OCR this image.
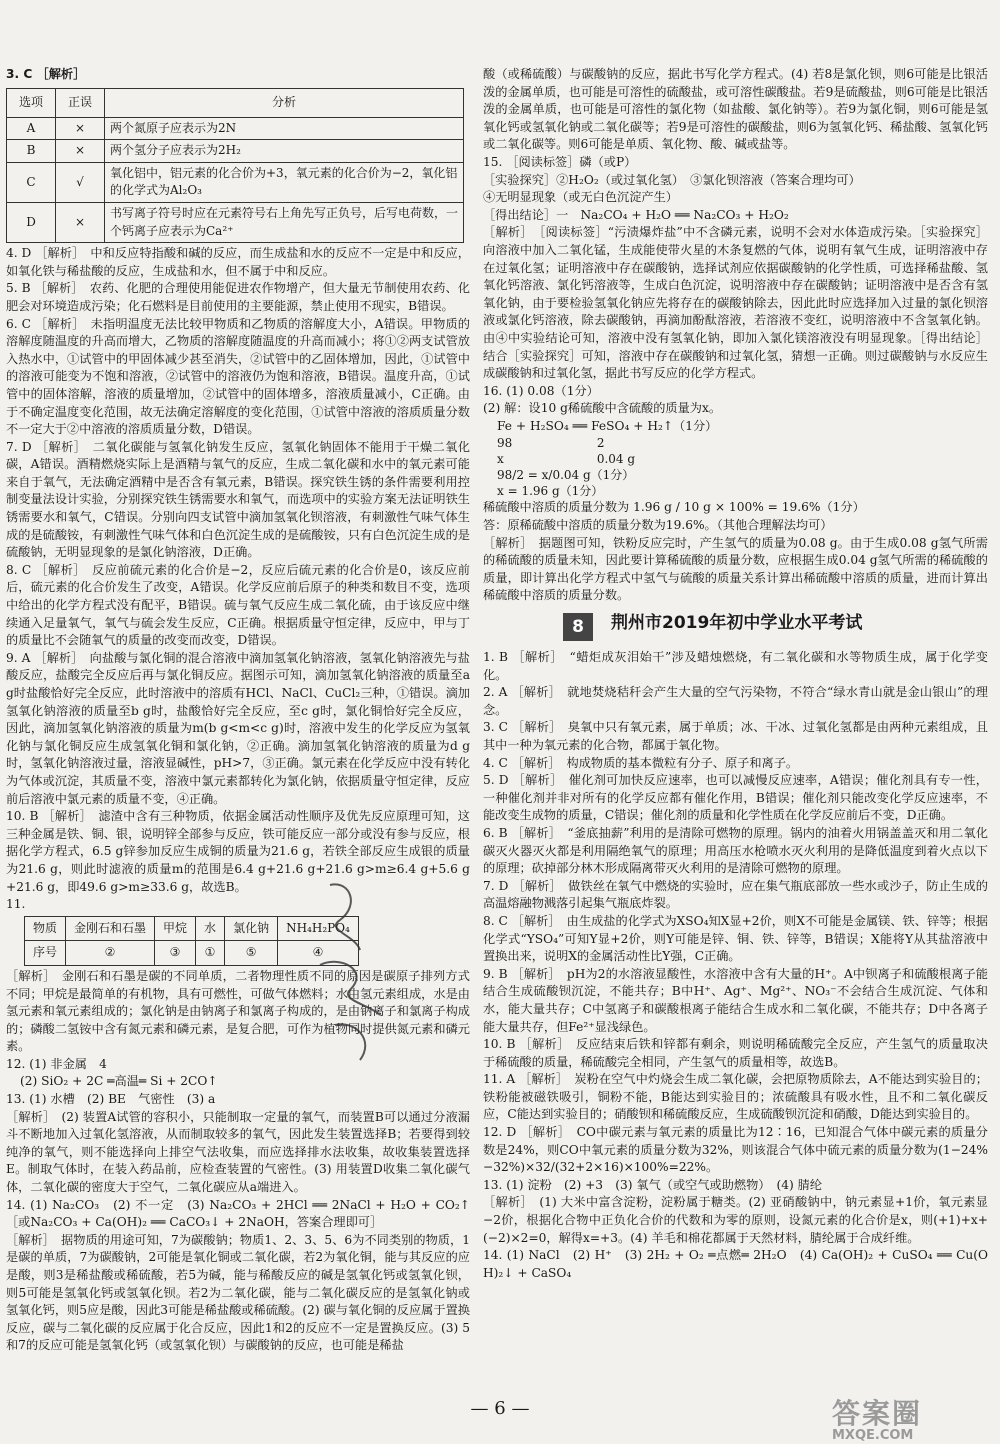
3. C ［解析］

选项	正误	分析
A	×	两个氮原子应表示为2N
B	×	两个氢分子应表示为2H₂
C	√	氧化铝中，铝元素的化合价为+3，氧元素的化合价为−2，氧化铝的化学式为Al₂O₃
D	×	书写离子符号时应在元素符号右上角先写正负号，后写电荷数，一个钙离子应表示为Ca²⁺

4. D ［解析］　中和反应特指酸和碱的反应，而生成盐和水的反应不一定是中和反应，如氧化铁与稀盐酸的反应，生成盐和水，但不属于中和反应。

5. B ［解析］　农药、化肥的合理使用能促进农作物增产，但大量无节制使用农药、化肥会对环境造成污染；化石燃料是目前使用的主要能源，禁止使用不现实，B错误。

6. C ［解析］　未指明温度无法比较甲物质和乙物质的溶解度大小，A错误。甲物质的溶解度随温度的升高而增大，乙物质的溶解度随温度的升高而减小；将①②两支试管放入热水中，①试管中的甲固体减少甚至消失，②试管中的乙固体增加，因此，①试管中的溶液可能变为不饱和溶液，②试管中的溶液仍为饱和溶液，B错误。温度升高，①试管中的固体溶解，溶液的质量增加，②试管中的固体增多，溶液质量减小，C正确。由于不确定温度变化范围，故无法确定溶解度的变化范围，①试管中溶液的溶质质量分数不一定大于②中溶液的溶质质量分数，D错误。

7. D ［解析］　二氧化碳能与氢氧化钠发生反应，氢氧化钠固体不能用于干燥二氧化碳，A错误。酒精燃烧实际上是酒精与氧气的反应，生成二氧化碳和水中的氧元素可能来自于氧气，无法确定酒精中是否含有氧元素，B错误。探究铁生锈的条件需要利用控制变量法设计实验，分别探究铁生锈需要水和氧气，而选项中的实验方案无法证明铁生锈需要水和氧气，C错误。分别向四支试管中滴加氢氧化钡溶液，有刺激性气味气体生成的是硫酸铵，有刺激性气味气体和白色沉淀生成的是硫酸铵，只有白色沉淀生成的是硫酸钠，无明显现象的是氯化钠溶液，D正确。

8. C ［解析］　反应前硫元素的化合价是−2，反应后硫元素的化合价是0，该反应前后，硫元素的化合价发生了改变，A错误。化学反应前后原子的种类和数目不变，选项中给出的化学方程式没有配平，B错误。硫与氧气反应生成二氧化硫，由于该反应中继续通入足量氧气，氧气与硫会发生反应，C正确。根据质量守恒定律，反应中，甲与丁的质量比不会随氧气的质量的改变而改变，D错误。

9. A ［解析］　向盐酸与氯化铜的混合溶液中滴加氢氧化钠溶液，氢氧化钠溶液先与盐酸反应，盐酸完全反应后再与氯化铜反应。据图示可知，滴加氢氧化钠溶液的质量至a g时盐酸恰好完全反应，此时溶液中的溶质有HCl、NaCl、CuCl₂三种，①错误。滴加氢氧化钠溶液的质量至b g时，盐酸恰好完全反应，至c g时，氯化铜恰好完全反应，因此，滴加氢氧化钠溶液的质量为m(b g<m<c g)时，溶液中发生的化学反应为氢氧化钠与氯化铜反应生成氢氧化铜和氯化钠，②正确。滴加氢氧化钠溶液的质量为d g时，氢氧化钠溶液过量，溶液显碱性，pH>7，③正确。氯元素在化学反应中没有转化为气体或沉淀，其质量不变，溶液中氯元素都转化为氯化钠，依据质量守恒定律，反应前后溶液中氯元素的质量不变，④正确。

10. B ［解析］　滤渣中含有三种物质，依据金属活动性顺序及优先反应原理可知，这三种金属是铁、铜、银，说明锌全部参与反应，铁可能反应一部分或没有参与反应，根据化学方程式，6.5 g锌参加反应生成铜的质量为21.6 g，若铁全部反应生成银的质量为21.6 g，则此时滤液的质量m的范围是6.4 g+21.6 g+21.6 g>m≥6.4 g+5.6 g+21.6 g，即49.6 g>m≥33.6 g，故选B。

11.

物质	金刚石和石墨	甲烷	水	氯化钠	NH₄H₂PO₄
序号	②	③	①	⑤	④

［解析］　金刚石和石墨是碳的不同单质，二者物理性质不同的原因是碳原子排列方式不同；甲烷是最简单的有机物，具有可燃性，可做气体燃料；水由氢元素组成，水是由氢元素和氧元素组成的；氯化钠是由钠离子和氯离子构成的，是由钠离子和氯离子构成的；磷酸二氢铵中含有氮元素和磷元素，是复合肥，可作为植物同时提供氮元素和磷元素。

12. (1) 非金属　4

(2) SiO₂ + 2C ═高温═ Si + 2CO↑

13. (1) 水槽　(2) BE　气密性　(3) a

［解析］　(2) 装置A试管的容积小，只能制取一定量的氧气，而装置B可以通过分液漏斗不断地加入过氧化氢溶液，从而制取较多的氧气，因此发生装置选择B；若要得到较纯净的氧气，则不能选择向上排空气法收集，而应选择排水法收集，故收集装置选择E。制取气体时，在装入药品前，应检查装置的气密性。(3) 用装置D收集二氧化碳气体，二氧化碳的密度大于空气，二氧化碳应从a端进入。

14. (1) Na₂CO₃　(2) 不一定　(3) Na₂CO₃ + 2HCl ══ 2NaCl + H₂O + CO₂↑［或Na₂CO₃ + Ca(OH)₂ ══ CaCO₃↓ + 2NaOH，答案合理即可］

［解析］　据物质的用途可知，7为碳酸钠；物质1、2、3、5、6为不同类别的物质，1是碳的单质，7为碳酸钠，2可能是氧化铜或二氧化碳，若2为氧化铜，能与其反应的应是酸，则3是稀盐酸或稀硫酸，若5为碱，能与稀酸反应的碱是氢氧化钙或氢氧化钡，则5可能是氢氧化钙或氢氧化钡。若2为二氧化碳，能与二氧化碳反应的是氢氧化钠或氢氧化钙，则5应是酸，因此3可能是稀盐酸或稀硫酸。(2) 碳与氧化铜的反应属于置换反应，碳与二氧化碳的反应属于化合反应，因此1和2的反应不一定是置换反应。(3) 5和7的反应可能是氢氧化钙（或氢氧化钡）与碳酸钠的反应，也可能是稀盐

酸（或稀硫酸）与碳酸钠的反应，据此书写化学方程式。(4) 若8是氯化钡，则6可能是比银活泼的金属单质，也可能是可溶性的硫酸盐，或可溶性碳酸盐。若9是硫酸盐，则6可能是比银活泼的金属单质，也可能是可溶性的氯化物（如盐酸、氯化钠等）。若9为氯化铜，则6可能是氢氧化钙或氢氧化钠或二氧化碳等；若9是可溶性的碳酸盐，则6为氢氧化钙、稀盐酸、氢氧化钙或二氧化碳等。则6可能是单质、氧化物、酸、碱或盐等。

15. ［阅读标签］磷（或P）

［实验探究］②H₂O₂（或过氧化氢）　③氯化钡溶液（答案合理均可）

④无明显现象（或无白色沉淀产生）

［得出结论］一　Na₂CO₄ + H₂O ══ Na₂CO₃ + H₂O₂

［解析］　［阅读标签］“污渍爆炸盐”中不含磷元素，说明不会对水体造成污染。［实验探究］向溶液中加入二氧化锰，生成能使带火星的木条复燃的气体，说明有氧气生成，证明溶液中存在过氧化氢；证明溶液中存在碳酸钠，选择试剂应依据碳酸钠的化学性质，可选择稀盐酸、氢氧化钙溶液、氯化钙溶液等，生成白色沉淀，说明溶液中存在碳酸钠；证明溶液中是否含有氢氧化钠，由于要检验氢氧化钠应先将存在的碳酸钠除去，因此此时应选择加入过量的氯化钡溶液或氯化钙溶液，除去碳酸钠，再滴加酚酞溶液，若溶液不变红，说明溶液中不含氢氧化钠。由④中实验结论可知，溶液中没有氢氧化钠，即加入氯化镁溶液没有明显现象。［得出结论］结合［实验探究］可知，溶液中存在碳酸钠和过氧化氢，猜想一正确。则过碳酸钠与水反应生成碳酸钠和过氧化氢，据此书写反应的化学方程式。

16. (1) 0.08（1分）

(2) 解：设10 g稀硫酸中含硫酸的质量为x。

Fe + H₂SO₄ ══ FeSO₄ + H₂↑（1分）

98	2
x	0.04 g
98/2 = x/0.04 g（1分）
x = 1.96 g（1分）

稀硫酸中溶质的质量分数为 1.96 g / 10 g × 100% = 19.6%（1分）

答：原稀硫酸中溶质的质量分数为19.6%。（其他合理解法均可）

［解析］　据题图可知，铁粉反应完时，产生氢气的质量为0.08 g。由于生成0.08 g氢气所需的稀硫酸的质量未知，因此要计算稀硫酸的质量分数，应根据生成0.04 g氢气所需的稀硫酸的质量，即计算出化学方程式中氢气与硫酸的质量关系计算出稀硫酸中溶质的质量，进而计算出稀硫酸中溶质的质量分数。

8	荆州市2019年初中学业水平考试

1. B ［解析］　“蜡炬成灰泪始干”涉及蜡烛燃烧，有二氧化碳和水等物质生成，属于化学变化。

2. A ［解析］　就地焚烧秸秆会产生大量的空气污染物，不符合“绿水青山就是金山银山”的理念。

3. C ［解析］　臭氧中只有氧元素，属于单质；冰、干冰、过氧化氢都是由两种元素组成，且其中一种为氧元素的化合物，都属于氧化物。

4. C ［解析］　构成物质的基本微粒有分子、原子和离子。

5. D ［解析］　催化剂可加快反应速率，也可以减慢反应速率，A错误；催化剂具有专一性，一种催化剂并非对所有的化学反应都有催化作用，B错误；催化剂只能改变化学反应速率，不能改变生成物的质量，C错误；催化剂的质量和化学性质在化学反应前后不变，D正确。

6. B ［解析］　“釜底抽薪”利用的是清除可燃物的原理。锅内的油着火用锅盖盖灭和用二氧化碳灭火器灭火都是利用隔绝氧气的原理；用高压水枪喷水灭火利用的是降低温度到着火点以下的原理；砍掉部分林木形成隔离带灭火利用的是清除可燃物的原理。

7. D ［解析］　做铁丝在氧气中燃烧的实验时，应在集气瓶底部放一些水或沙子，防止生成的高温熔融物溅落引起集气瓶底炸裂。

8. C ［解析］　由生成盐的化学式为XSO₄知X显+2价，则X不可能是金属镁、铁、锌等；根据化学式“YSO₄”可知Y显+2价，则Y可能是锌、铜、铁、锌等，B错误；X能将Y从其盐溶液中置换出来，说明X的金属活动性比Y强，C正确。

9. B ［解析］　pH为2的水溶液显酸性，水溶液中含有大量的H⁺。A中钡离子和硫酸根离子能结合生成硫酸钡沉淀，不能共存；B中H⁺、Ag⁺、Mg²⁺、NO₃⁻不会结合生成沉淀、气体和水，能大量共存；C中氢离子和碳酸根离子能结合生成水和二氧化碳，不能共存；D中各离子能大量共存，但Fe²⁺显浅绿色。

10. B ［解析］　反应结束后铁和锌都有剩余，则说明稀硫酸完全反应，产生氢气的质量取决于稀硫酸的质量，稀硫酸完全相同，产生氢气的质量相等，故选B。

11. A ［解析］　炭粉在空气中灼烧会生成二氧化碳，会把原物质除去，A不能达到实验目的；铁粉能被磁铁吸引，铜粉不能，B能达到实验目的；浓硫酸具有吸水性，且不和二氧化碳反应，C能达到实验目的；硝酸钡和稀硫酸反应，生成硫酸钡沉淀和硝酸，D能达到实验目的。

12. D ［解析］　CO中碳元素与氧元素的质量比为12∶16，已知混合气体中碳元素的质量分数是24%，则CO中氧元素的质量分数为32%，则该混合气体中硫元素的质量分数为(1−24%−32%)×32/(32+2×16)×100%=22%。

13. (1) 淀粉　(2) +3　(3) 氧气（或空气或助燃物）　(4) 腈纶

［解析］　(1) 大米中富含淀粉，淀粉属于糖类。(2) 亚硝酸钠中，钠元素显+1价，氧元素显−2价，根据化合物中正负化合价的代数和为零的原则，设氮元素的化合价是x，则(+1)+x+(−2)×2=0，解得x=+3。(4) 羊毛和棉花都属于天然材料，腈纶属于合成纤维。

14. (1) NaCl　(2) H⁺　(3) 2H₂ + O₂ ═点燃═ 2H₂O　(4) Ca(OH)₂ + CuSO₄ ══ Cu(OH)₂↓ + CaSO₄

— 6 —	答案圈
MXQE.COM
